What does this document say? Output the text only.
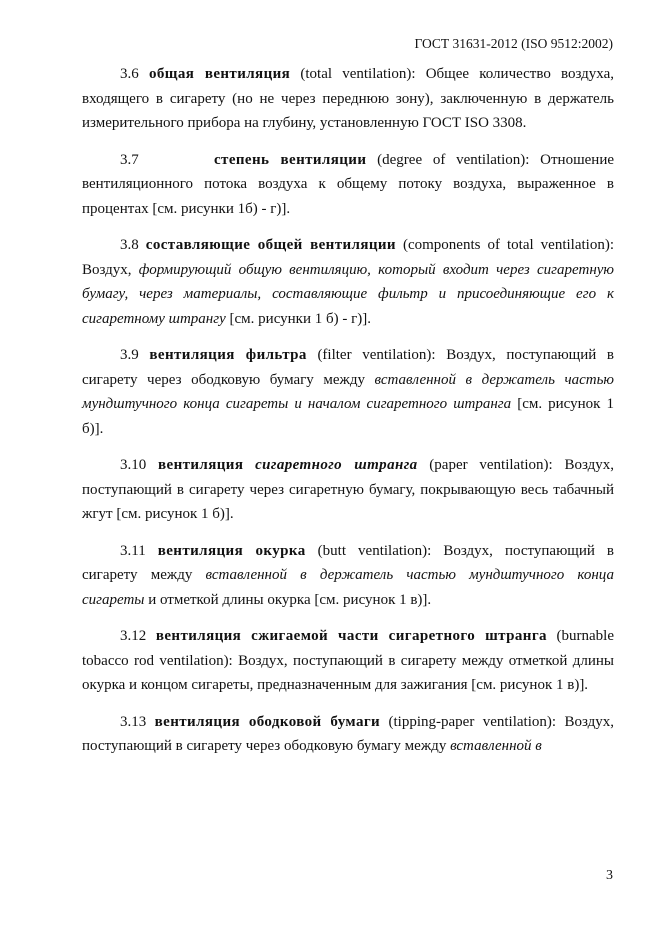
ГОСТ 31631-2012 (ISO 9512:2002)

3.6 общая вентиляция (total ventilation): Общее количество воздуха, входящего в сигарету (но не через переднюю зону), заключенную в держатель измерительного прибора на глубину, установленную ГОСТ ISO 3308.

3.7	степень вентиляции (degree of ventilation): Отношение вентиляционного потока воздуха к общему потоку воздуха, выраженное в процентах [см. рисунки 1б) - г)].

3.8 составляющие общей вентиляции (components of total ventilation): Воздух, формирующий общую вентиляцию, который входит через сигаретную бумагу, через материалы, составляющие фильтр и присоединяющие его к сигаретному штрангу [см. рисунки 1 б) - г)].

3.9 вентиляция фильтра (filter ventilation): Воздух, поступающий в сигарету через ободковую бумагу между вставленной в держатель частью мундштучного конца сигареты и началом сигаретного штранга [см. рисунок 1 б)].

3.10 вентиляция сигаретного штранга (paper ventilation): Воздух, поступающий в сигарету через сигаретную бумагу, покрывающую весь табачный жгут [см. рисунок 1 б)].

3.11 вентиляция окурка (butt ventilation): Воздух, поступающий в сигарету между вставленной в держатель частью мундштучного конца сигареты и отметкой длины окурка [см. рисунок 1 в)].

3.12 вентиляция сжигаемой части сигаретного штранга (burnable tobacco rod ventilation): Воздух, поступающий в сигарету между отметкой длины окурка и концом сигареты, предназначенным для зажигания [см. рисунок 1 в)].

3.13 вентиляция ободковой бумаги (tipping-paper ventilation): Воздух, поступающий в сигарету через ободковую бумагу между вставленной в

3
